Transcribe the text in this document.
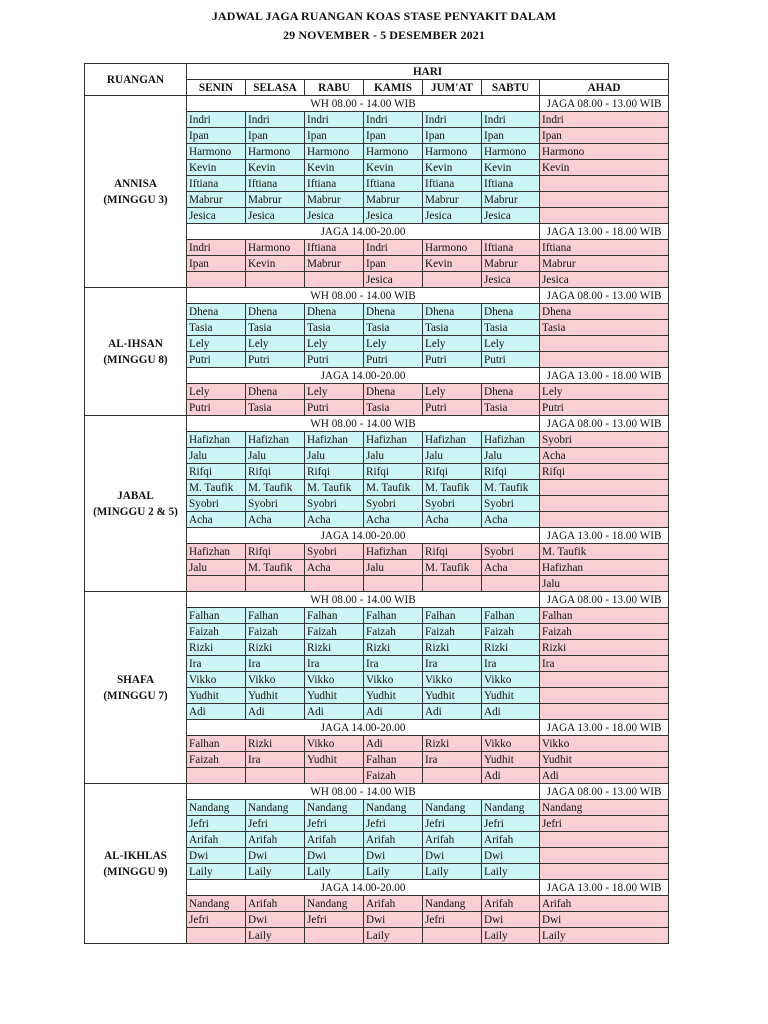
JADWAL JAGA RUANGAN KOAS STASE PENYAKIT DALAM
29 NOVEMBER - 5 DESEMBER 2021
RUANGAN	HARI						
	SENIN	SELASA	RABU	KAMIS	JUM'AT	SABTU	AHAD

ANNISA
(MINGGU 3)	WH 08.00 - 14.00 WIB						JAGA 08.00 - 13.00 WIB
	Indri	Indri	Indri	Indri	Indri	Indri	Indri
	Ipan	Ipan	Ipan	Ipan	Ipan	Ipan	Ipan
	Harmono	Harmono	Harmono	Harmono	Harmono	Harmono	Harmono
	Kevin	Kevin	Kevin	Kevin	Kevin	Kevin	Kevin
	Iftiana	Iftiana	Iftiana	Iftiana	Iftiana	Iftiana	
	Mabrur	Mabrur	Mabrur	Mabrur	Mabrur	Mabrur	
	Jesica	Jesica	Jesica	Jesica	Jesica	Jesica	
	JAGA 14.00-20.00						JAGA 13.00 - 18.00 WIB
	Indri	Harmono	Iftiana	Indri	Harmono	Iftiana	Iftiana
	Ipan	Kevin	Mabrur	Ipan	Kevin	Mabrur	Mabrur
				Jesica		Jesica	Jesica

AL-IHSAN
(MINGGU 8)	WH 08.00 - 14.00 WIB						JAGA 08.00 - 13.00 WIB
	Dhena	Dhena	Dhena	Dhena	Dhena	Dhena	Dhena
	Tasia	Tasia	Tasia	Tasia	Tasia	Tasia	Tasia
	Lely	Lely	Lely	Lely	Lely	Lely	
	Putri	Putri	Putri	Putri	Putri	Putri	
	JAGA 14.00-20.00						JAGA 13.00 - 18.00 WIB
	Lely	Dhena	Lely	Dhena	Lely	Dhena	Lely
	Putri	Tasia	Putri	Tasia	Putri	Tasia	Putri

JABAL
(MINGGU 2 & 5)	WH 08.00 - 14.00 WIB						JAGA 08.00 - 13.00 WIB
	Hafizhan	Hafizhan	Hafizhan	Hafizhan	Hafizhan	Hafizhan	Syobri
	Jalu	Jalu	Jalu	Jalu	Jalu	Jalu	Acha
	Rifqi	Rifqi	Rifqi	Rifqi	Rifqi	Rifqi	Rifqi
	M. Taufik	M. Taufik	M. Taufik	M. Taufik	M. Taufik	M. Taufik	
	Syobri	Syobri	Syobri	Syobri	Syobri	Syobri	
	Acha	Acha	Acha	Acha	Acha	Acha	
	JAGA 14.00-20.00						JAGA 13.00 - 18.00 WIB
	Hafizhan	Rifqi	Syobri	Hafizhan	Rifqi	Syobri	M. Taufik
	Jalu	M. Taufik	Acha	Jalu	M. Taufik	Acha	Hafizhan
							Jalu

SHAFA
(MINGGU 7)	WH 08.00 - 14.00 WIB						JAGA 08.00 - 13.00 WIB
	Falhan	Falhan	Falhan	Falhan	Falhan	Falhan	Falhan
	Faizah	Faizah	Faizah	Faizah	Faizah	Faizah	Faizah
	Rizki	Rizki	Rizki	Rizki	Rizki	Rizki	Rizki
	Ira	Ira	Ira	Ira	Ira	Ira	Ira
	Vikko	Vikko	Vikko	Vikko	Vikko	Vikko	
	Yudhit	Yudhit	Yudhit	Yudhit	Yudhit	Yudhit	
	Adi	Adi	Adi	Adi	Adi	Adi	
	JAGA 14.00-20.00						JAGA 13.00 - 18.00 WIB
	Falhan	Rizki	Vikko	Adi	Rizki	Vikko	Vikko
	Faizah	Ira	Yudhit	Falhan	Ira	Yudhit	Yudhit
				Faizah		Adi	Adi

AL-IKHLAS
(MINGGU 9)	WH 08.00 - 14.00 WIB						JAGA 08.00 - 13.00 WIB
	Nandang	Nandang	Nandang	Nandang	Nandang	Nandang	Nandang
	Jefri	Jefri	Jefri	Jefri	Jefri	Jefri	Jefri
	Arifah	Arifah	Arifah	Arifah	Arifah	Arifah	
	Dwi	Dwi	Dwi	Dwi	Dwi	Dwi	
	Laily	Laily	Laily	Laily	Laily	Laily	
	JAGA 14.00-20.00						JAGA 13.00 - 18.00 WIB
	Nandang	Arifah	Nandang	Arifah	Nandang	Arifah	Arifah
	Jefri	Dwi	Jefri	Dwi	Jefri	Dwi	Dwi
		Laily		Laily		Laily	Laily
